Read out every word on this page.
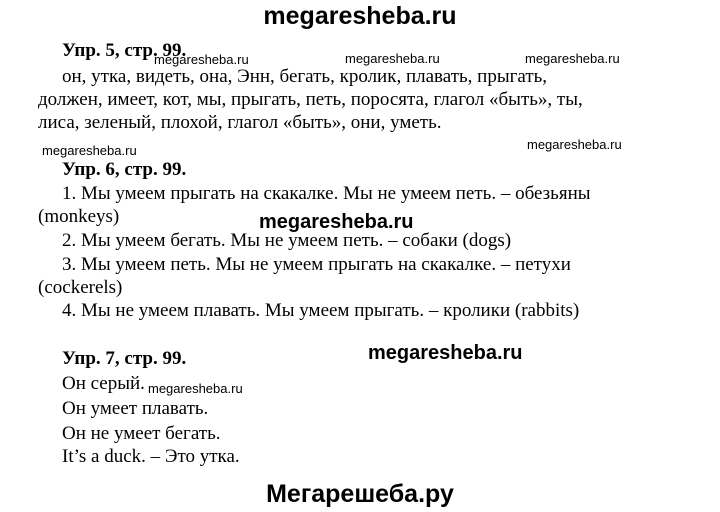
megaresheba.ru
Упр. 5, стр. 99.
он, утка, видеть, она, Энн, бегать, кролик, плавать, прыгать,
должен, имеет, кот, мы, прыгать, петь, поросята, глагол «быть», ты,
лиса, зеленый, плохой, глагол «быть», они, уметь.
Упр. 6, стр. 99.
1. Мы умеем прыгать на скакалке. Мы не умеем петь. – обезьяны
(monkeys)
2. Мы умеем бегать. Мы не умеем петь. – собаки (dogs)
3. Мы умеем петь. Мы не умеем прыгать на скакалке. – петухи
(cockerels)
4. Мы не умеем плавать. Мы умеем прыгать. – кролики (rabbits)
Упр. 7, стр. 99.
Он серый.
Он умеет плавать.
Он не умеет бегать.
It’s a duck. – Это утка.
megaresheba.ru	megaresheba.ru	megaresheba.ru
megaresheba.ru	megaresheba.ru
megaresheba.ru
megaresheba.ru
megaresheba.ru
Мегарешеба.ру
